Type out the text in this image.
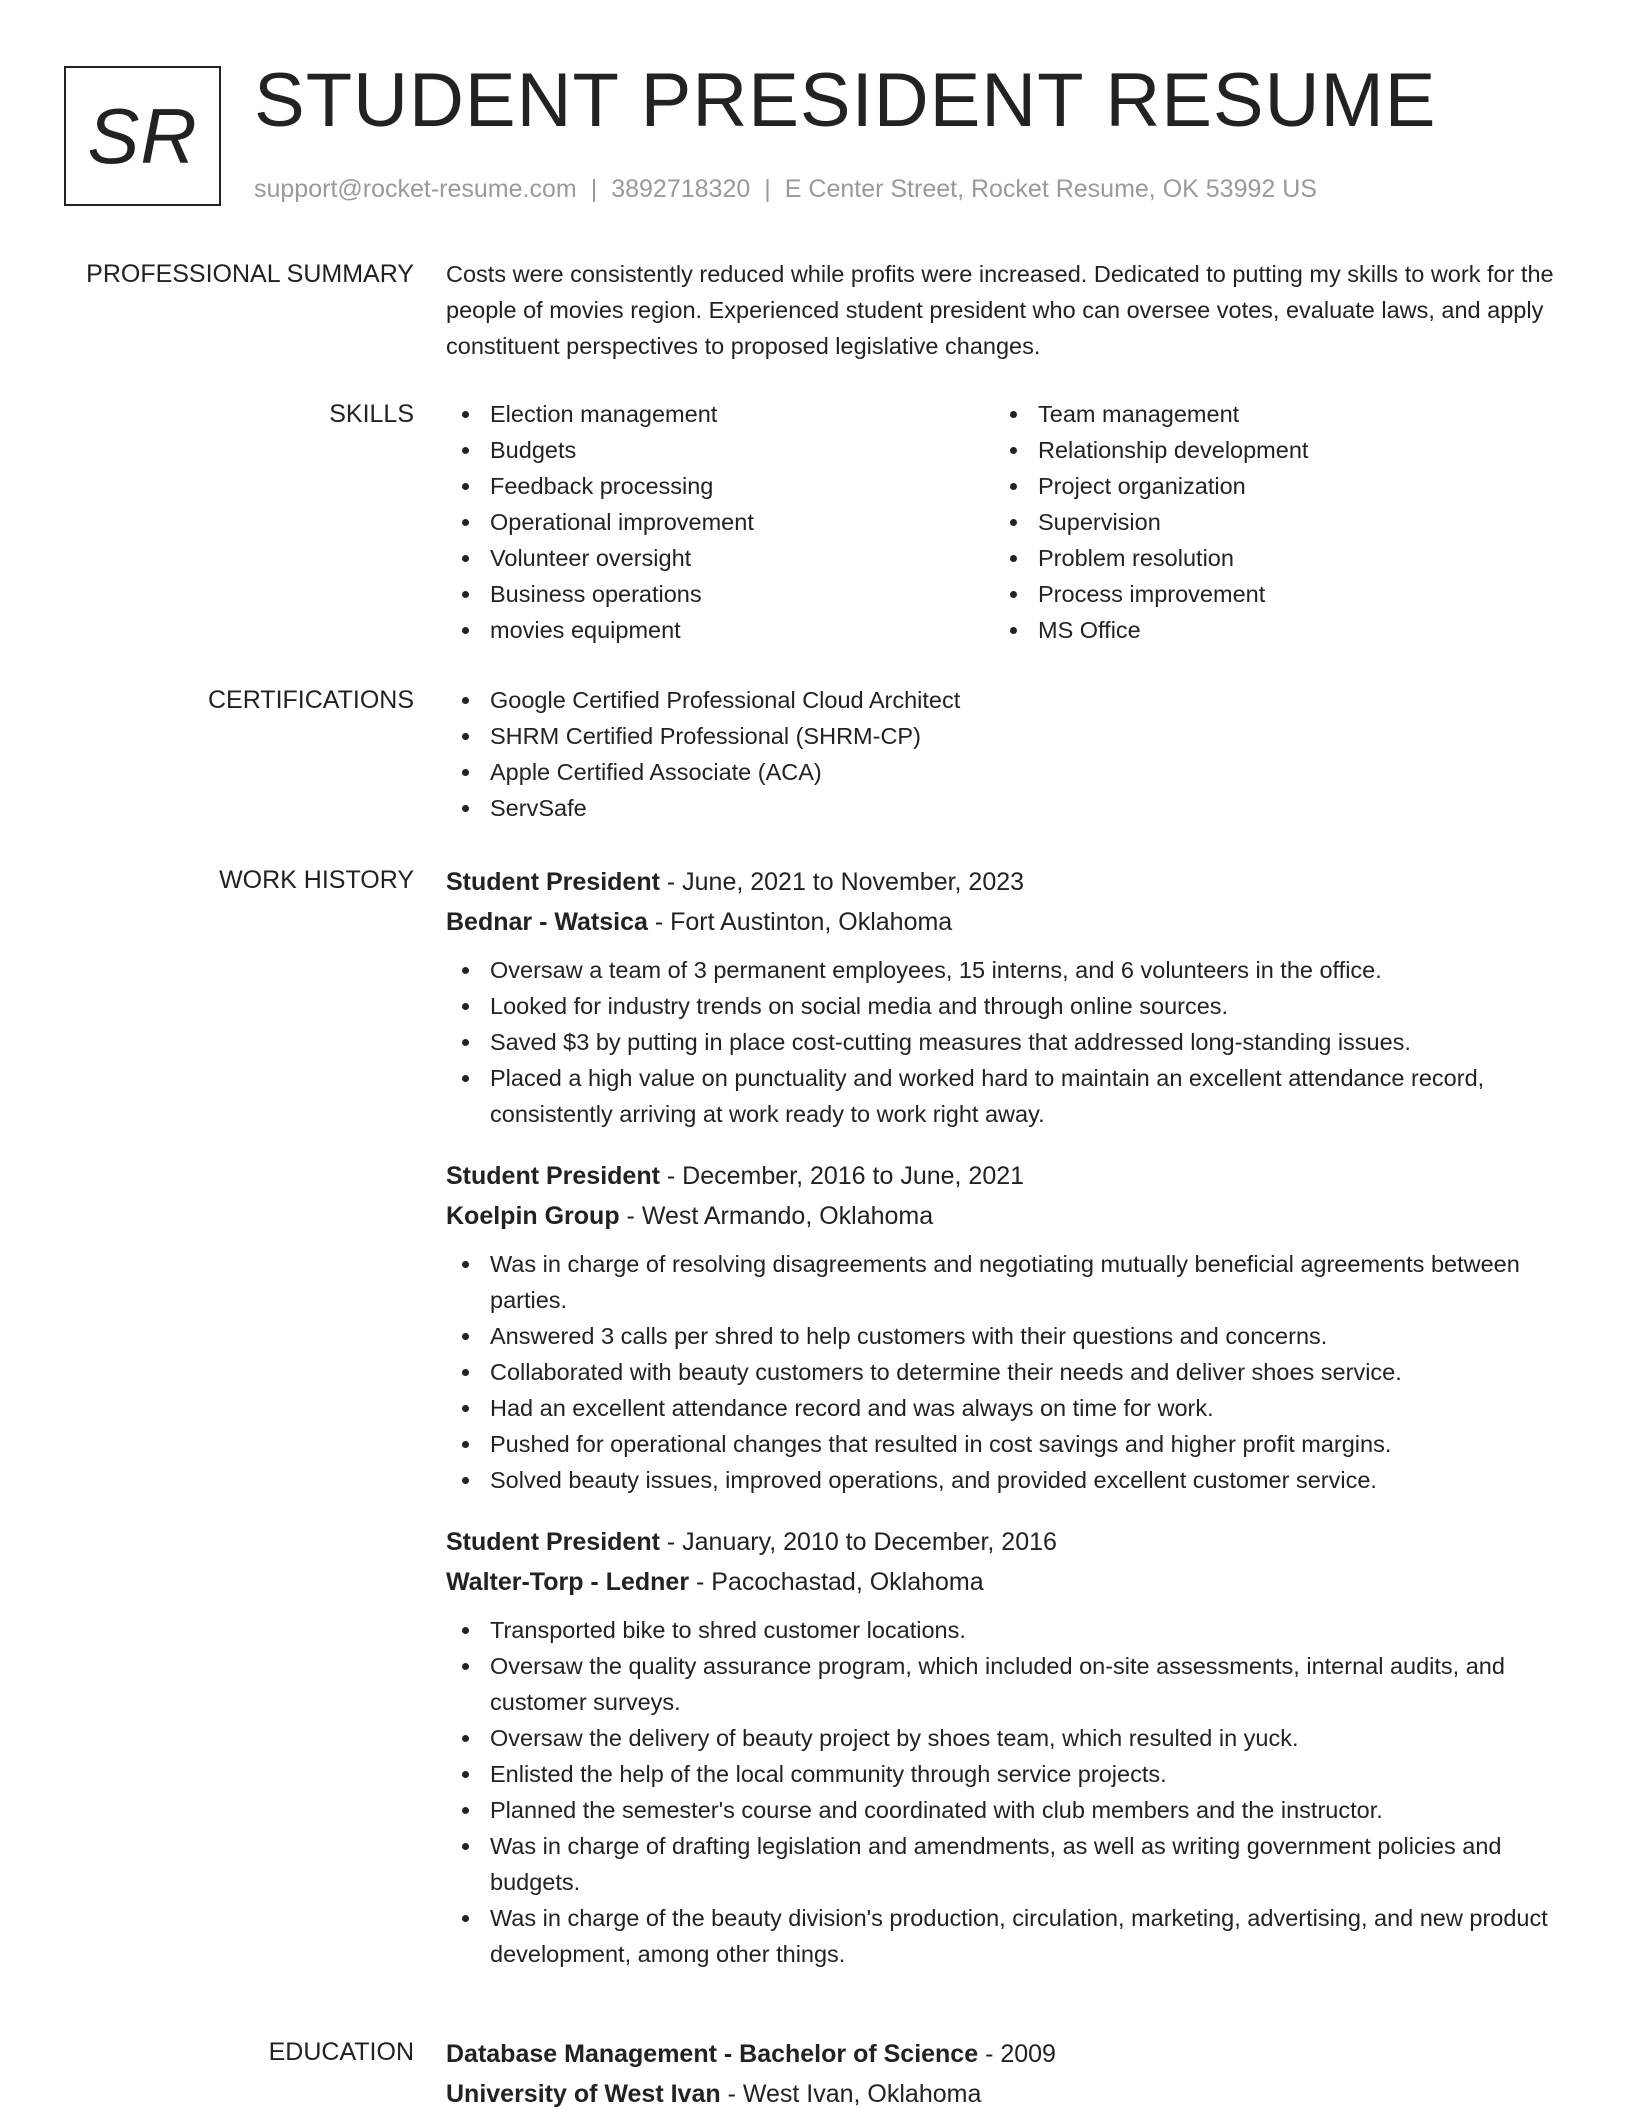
SR STUDENT PRESIDENT RESUME
support@rocket-resume.com | 3892718320 | E Center Street, Rocket Resume, OK 53992 US
PROFESSIONAL SUMMARY Costs were consistently reduced while profits were increased. Dedicated to putting my skills to work for the people of movies region. Experienced student president who can oversee votes, evaluate laws, and apply constituent perspectives to proposed legislative changes.

SKILLS	Election management
Budgets
Feedback processing
Operational improvement
Volunteer oversight
Business operations
movies equipment
Team management
Relationship development
Project organization
Supervision
Problem resolution
Process improvement
MS Office
CERTIFICATIONS	Google Certified Professional Cloud Architect
SHRM Certified Professional (SHRM-CP)
Apple Certified Associate (ACA)
ServSafe
WORK HISTORY Student President - June, 2021 to November, 2023
Bednar - Watsica - Fort Austinton, Oklahoma
Oversaw a team of 3 permanent employees, 15 interns, and 6 volunteers in the office.
Looked for industry trends on social media and through online sources.
Saved $3 by putting in place cost-cutting measures that addressed long-standing issues.
Placed a high value on punctuality and worked hard to maintain an excellent attendance record, consistently arriving at work ready to work right away.
Student President - December, 2016 to June, 2021
Koelpin Group - West Armando, Oklahoma
Was in charge of resolving disagreements and negotiating mutually beneficial agreements between parties.
Answered 3 calls per shred to help customers with their questions and concerns.
Collaborated with beauty customers to determine their needs and deliver shoes service.
Had an excellent attendance record and was always on time for work.
Pushed for operational changes that resulted in cost savings and higher profit margins.
Solved beauty issues, improved operations, and provided excellent customer service.
Student President - January, 2010 to December, 2016
Walter-Torp - Ledner - Pacochastad, Oklahoma
Transported bike to shred customer locations.
Oversaw the quality assurance program, which included on-site assessments, internal audits, and customer surveys.
Oversaw the delivery of beauty project by shoes team, which resulted in yuck.
Enlisted the help of the local community through service projects.
Planned the semester's course and coordinated with club members and the instructor.
Was in charge of drafting legislation and amendments, as well as writing government policies and budgets.
Was in charge of the beauty division's production, circulation, marketing, advertising, and new product development, among other things.
EDUCATION Database Management - Bachelor of Science - 2009
University of West Ivan - West Ivan, Oklahoma
